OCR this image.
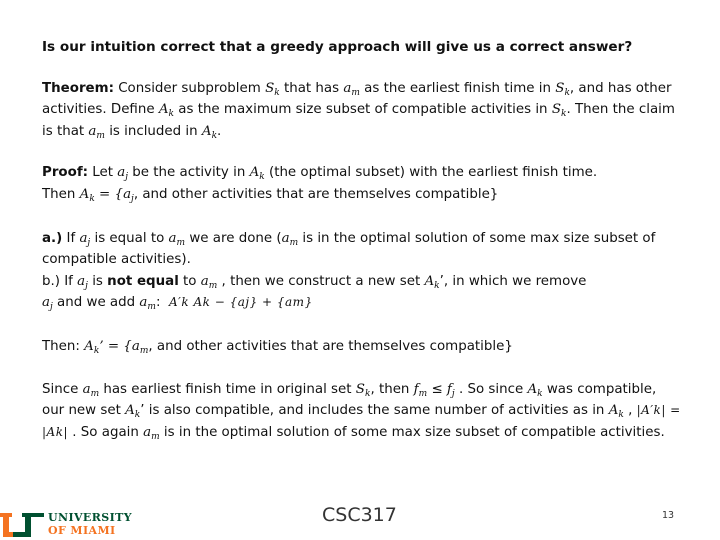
Is our intuition correct that a greedy approach will give us a correct answer?

Theorem: Consider subproblem $S_k$ that has $a_m$ as the earliest finish time in $S_k$, and has other activities. Define $A_k$ as the maximum size subset of compatible activities in $S_k$. Then the claim is that $a_m$ is included in $A_k$.

Proof: Let $a_j$ be the activity in $A_k$ (the optimal subset) with the earliest finish time.
Then $A_k = \{a_j$, and other activities that are themselves compatible}

a.) If $a_j$ is equal to $a_m$ we are done ($a_m$ is in the optimal solution of some max size subset of compatible activities).

b.) If $a_j$ is not equal to $a_m$ , then we construct a new set $A_k$’, in which we remove
$a_j$ and we add $a_m$: A′k Ak − {aj} + {am}

Then: $A_k$’ = {$a_m$, and other activities that are themselves compatible}

Since $a_m$ has earliest finish time in original set $S_k$, then $f_m \le f_j$ . So since $A_k$ was compatible, our new set $A_k$’ is also compatible, and includes the same number of activities as in $A_k$ , |A′k| = |Ak| . So again $a_m$ is in the optimal solution of some max size subset of compatible activities.

UNIVERSITY
OF MIAMI
CSC317	13
